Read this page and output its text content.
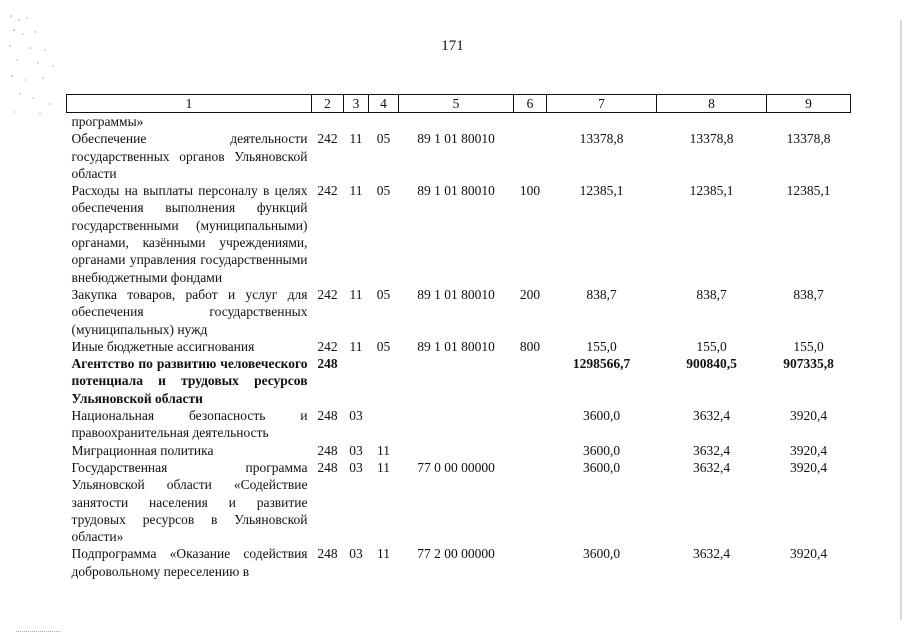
171
1	2	3	4	5	6	7	8	9
программы»								
Обеспечение деятельности государственных органов Ульяновской области	242	11	05	89 1 01 80010		13378,8	13378,8	13378,8
Расходы на выплаты персоналу в целях обеспечения выполнения функций государственными (муниципальными) органами, казёнными учреждениями, органами управления государственными внебюджетными фондами	242	11	05	89 1 01 80010	100	12385,1	12385,1	12385,1
Закупка товаров, работ и услуг для обеспечения государственных (муниципальных) нужд	242	11	05	89 1 01 80010	200	838,7	838,7	838,7
Иные бюджетные ассигнования	242	11	05	89 1 01 80010	800	155,0	155,0	155,0
Агентство по развитию человеческого потенциала и трудовых ресурсов Ульяновской области	248					1298566,7	900840,5	907335,8
Национальная безопасность и правоохранительная деятельность	248	03				3600,0	3632,4	3920,4
Миграционная политика	248	03	11			3600,0	3632,4	3920,4
Государственная программа Ульяновской области «Содействие занятости населения и развитие трудовых ресурсов в Ульяновской области»	248	03	11	77 0 00 00000		3600,0	3632,4	3920,4
Подпрограмма «Оказание содействия добровольному переселению в	248	03	11	77 2 00 00000		3600,0	3632,4	3920,4
